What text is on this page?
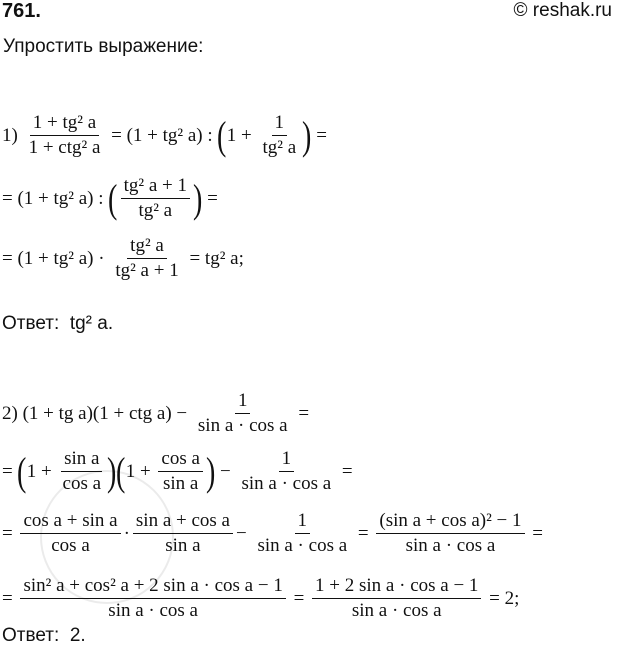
761.	© reshak.ru
Упростить выражение:
$1) \frac{\text{1 + tg² a}}{\text{1 + ctg² a}} = (1 + tg^2$ a) : ( $1 + \frac{1}{\text{tg² a}}$ ) =
= (1 + tg² a) : ( $\frac{\text{tg² a + 1}}{\text{tg² a}}$ ) =
= (1 + tg² $a) \cdot \frac{\text{tg² a}}{\text{tg² a + 1}} = tg^2$ a;
Ответ:  tg² a.
2) (1 + tg a)(1 + ctg $a) - \frac{1}{\text{sin a · cos a}}$ =
= ( $1 + \frac{\text{sin a}}{\text{cos a}}$ ) ( $1 + \frac{\text{cos a}}{\text{sin a}}$ ) − $\frac{1}{\text{sin a · cos a}}$ =
= $\frac{\text{cos a + sin a}}{\text{cos a}} \cdot \frac{\text{sin a + cos a}}{\text{sin a}} - \frac{1}{\text{sin a · cos a}} = \frac{\text{(sin a + cos a)² − 1}}{\text{sin a · cos a}}$ =
= $\frac{\text{sin² a + cos² a + 2 sin a · cos a − 1}}{\text{sin a · cos a}} = \frac{\text{1 + 2 sin a · cos a − 1}}{\text{sin a · cos a}} = 2$;
Ответ:  2.
